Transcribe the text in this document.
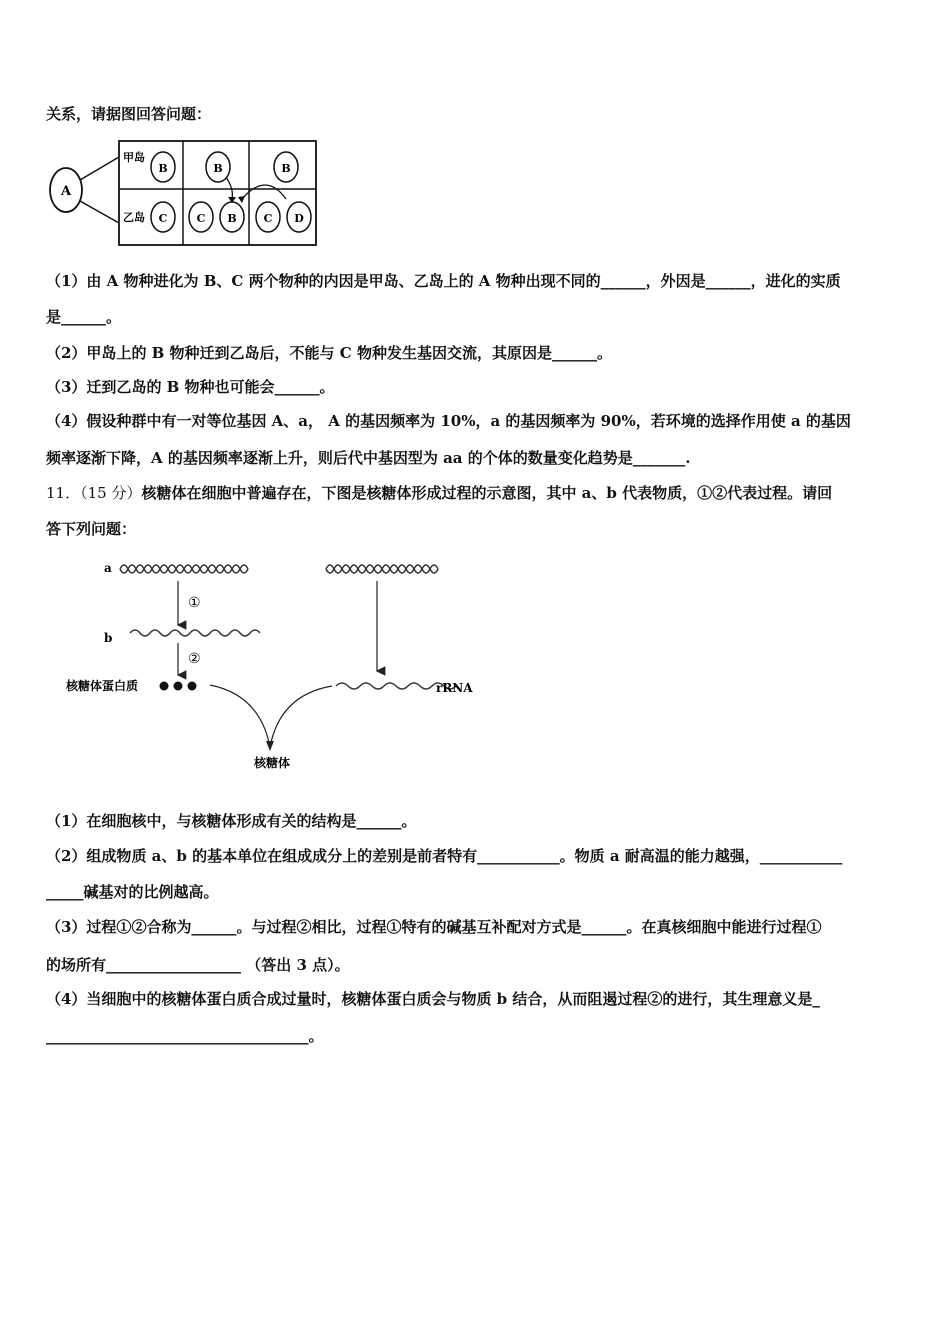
关系，请据图回答问题：
A
甲岛
乙岛
B	B	B
C	C B C D
（1）由 A 物种进化为 B、C 两个物种的内因是甲岛、乙岛上的 A 物种出现不同的______，外因是______，进化的实质
是______。
（2）甲岛上的 B 物种迁到乙岛后，不能与 C 物种发生基因交流，其原因是______。
（3）迁到乙岛的 B 物种也可能会______。
（4）假设种群中有一对等位基因 A、a， A 的基因频率为 10%，a 的基因频率为 90%，若环境的选择作用使 a 的基因
频率逐渐下降，A 的基因频率逐渐上升，则后代中基因型为 aa 的个体的数量变化趋势是_______.
11．（15 分）核糖体在细胞中普遍存在，下图是核糖体形成过程的示意图，其中 a、b 代表物质，①②代表过程。请回
答下列问题：
a
①
b
②
核糖体蛋白质	rRNA
核糖体
（1）在细胞核中，与核糖体形成有关的结构是______。
（2）组成物质 a、b 的基本单位在组成成分上的差别是前者特有___________。物质 a 耐高温的能力越强，___________
_____碱基对的比例越高。
（3）过程①②合称为______。与过程②相比，过程①特有的碱基互补配对方式是______。在真核细胞中能进行过程①
的场所有__________________ （答出 3 点）。
（4）当细胞中的核糖体蛋白质合成过量时，核糖体蛋白质会与物质 b 结合，从而阻遏过程②的进行，其生理意义是_
___________________________________。
